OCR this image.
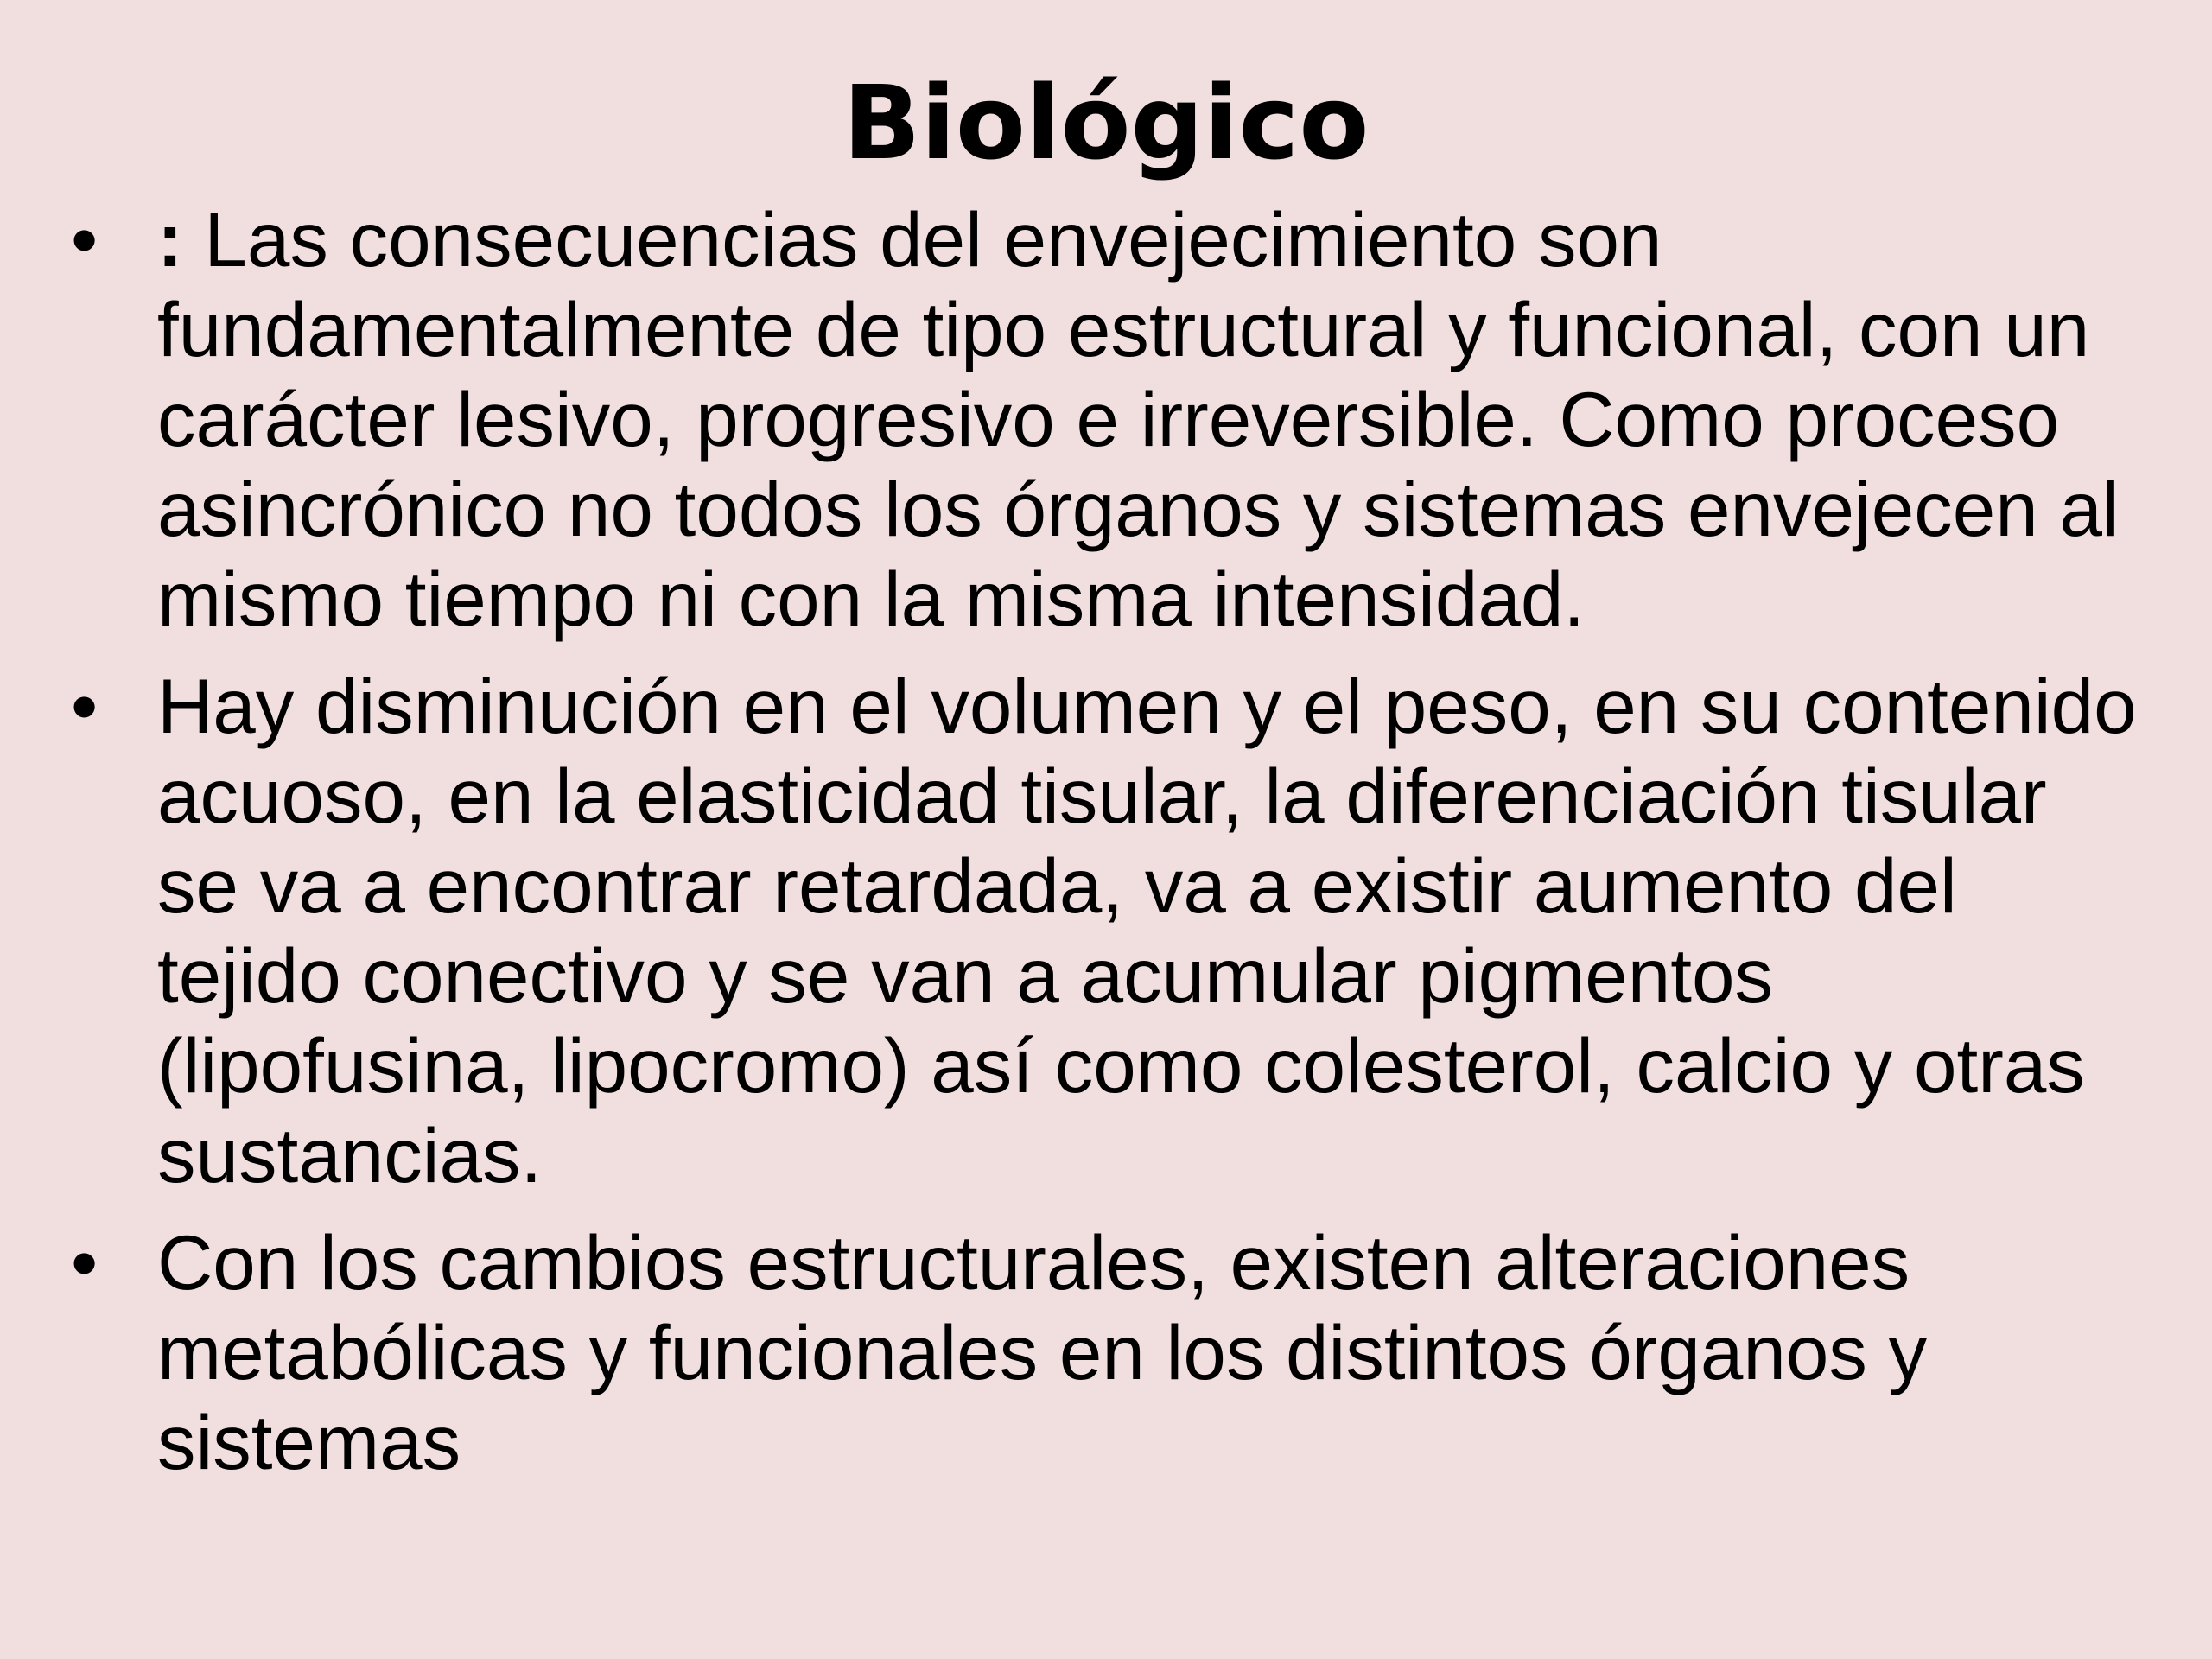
Biológico
• : Las consecuencias del envejecimiento son fundamentalmente de tipo estructural y funcional, con un carácter lesivo, progresivo e irreversible. Como proceso asincrónico no todos los órganos y sistemas envejecen al mismo tiempo ni con la misma intensidad.
• Hay disminución en el volumen y el peso, en su contenido acuoso, en la elasticidad tisular, la diferenciación tisular se va a encontrar retardada, va a existir aumento del tejido conectivo y se van a acumular pigmentos (lipofusina, lipocromo) así como colesterol, calcio y otras sustancias.
• Con los cambios estructurales, existen alteraciones metabólicas y funcionales en los distintos órganos y sistemas
